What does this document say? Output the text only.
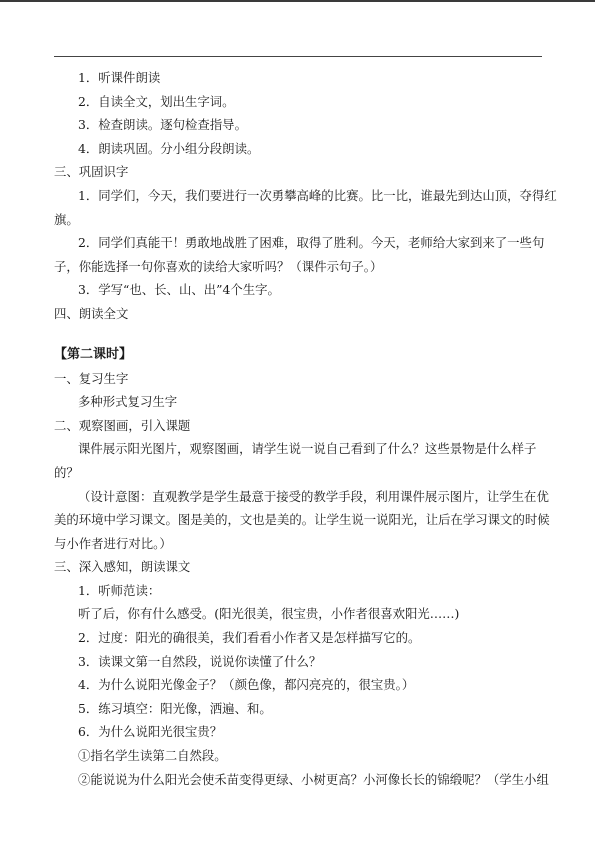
1．听课件朗读
2．自读全文，划出生字词。
3．检查朗读。逐句检查指导。
4．朗读巩固。分小组分段朗读。
三、巩固识字
1．同学们，今天，我们要进行一次勇攀高峰的比赛。比一比，谁最先到达山顶，夺得红
旗。
2．同学们真能干！勇敢地战胜了困难，取得了胜利。今天，老师给大家到来了一些句
子，你能选择一句你喜欢的读给大家听吗？（课件示句子。）
3．学写“也、长、山、出”4个生字。
四、朗读全文
【第二课时】
一、复习生字
多种形式复习生字
二、观察图画，引入课题
课件展示阳光图片，观察图画，请学生说一说自己看到了什么？这些景物是什么样子
的？
（设计意图：直观教学是学生最意于接受的教学手段，利用课件展示图片，让学生在优
美的环境中学习课文。图是美的，文也是美的。让学生说一说阳光，让后在学习课文的时候
与小作者进行对比。）
三、深入感知，朗读课文
1．听师范读：
听了后，你有什么感受。(阳光很美，很宝贵，小作者很喜欢阳光……)
2．过度：阳光的确很美，我们看看小作者又是怎样描写它的。
3．读课文第一自然段，说说你读懂了什么？
4．为什么说阳光像金子？（颜色像，都闪亮亮的，很宝贵。）
5．练习填空：阳光像，洒遍、和。
6．为什么说阳光很宝贵？
①指名学生读第二自然段。
②能说说为什么阳光会使禾苗变得更绿、小树更高？小河像长长的锦缎呢？（学生小组
